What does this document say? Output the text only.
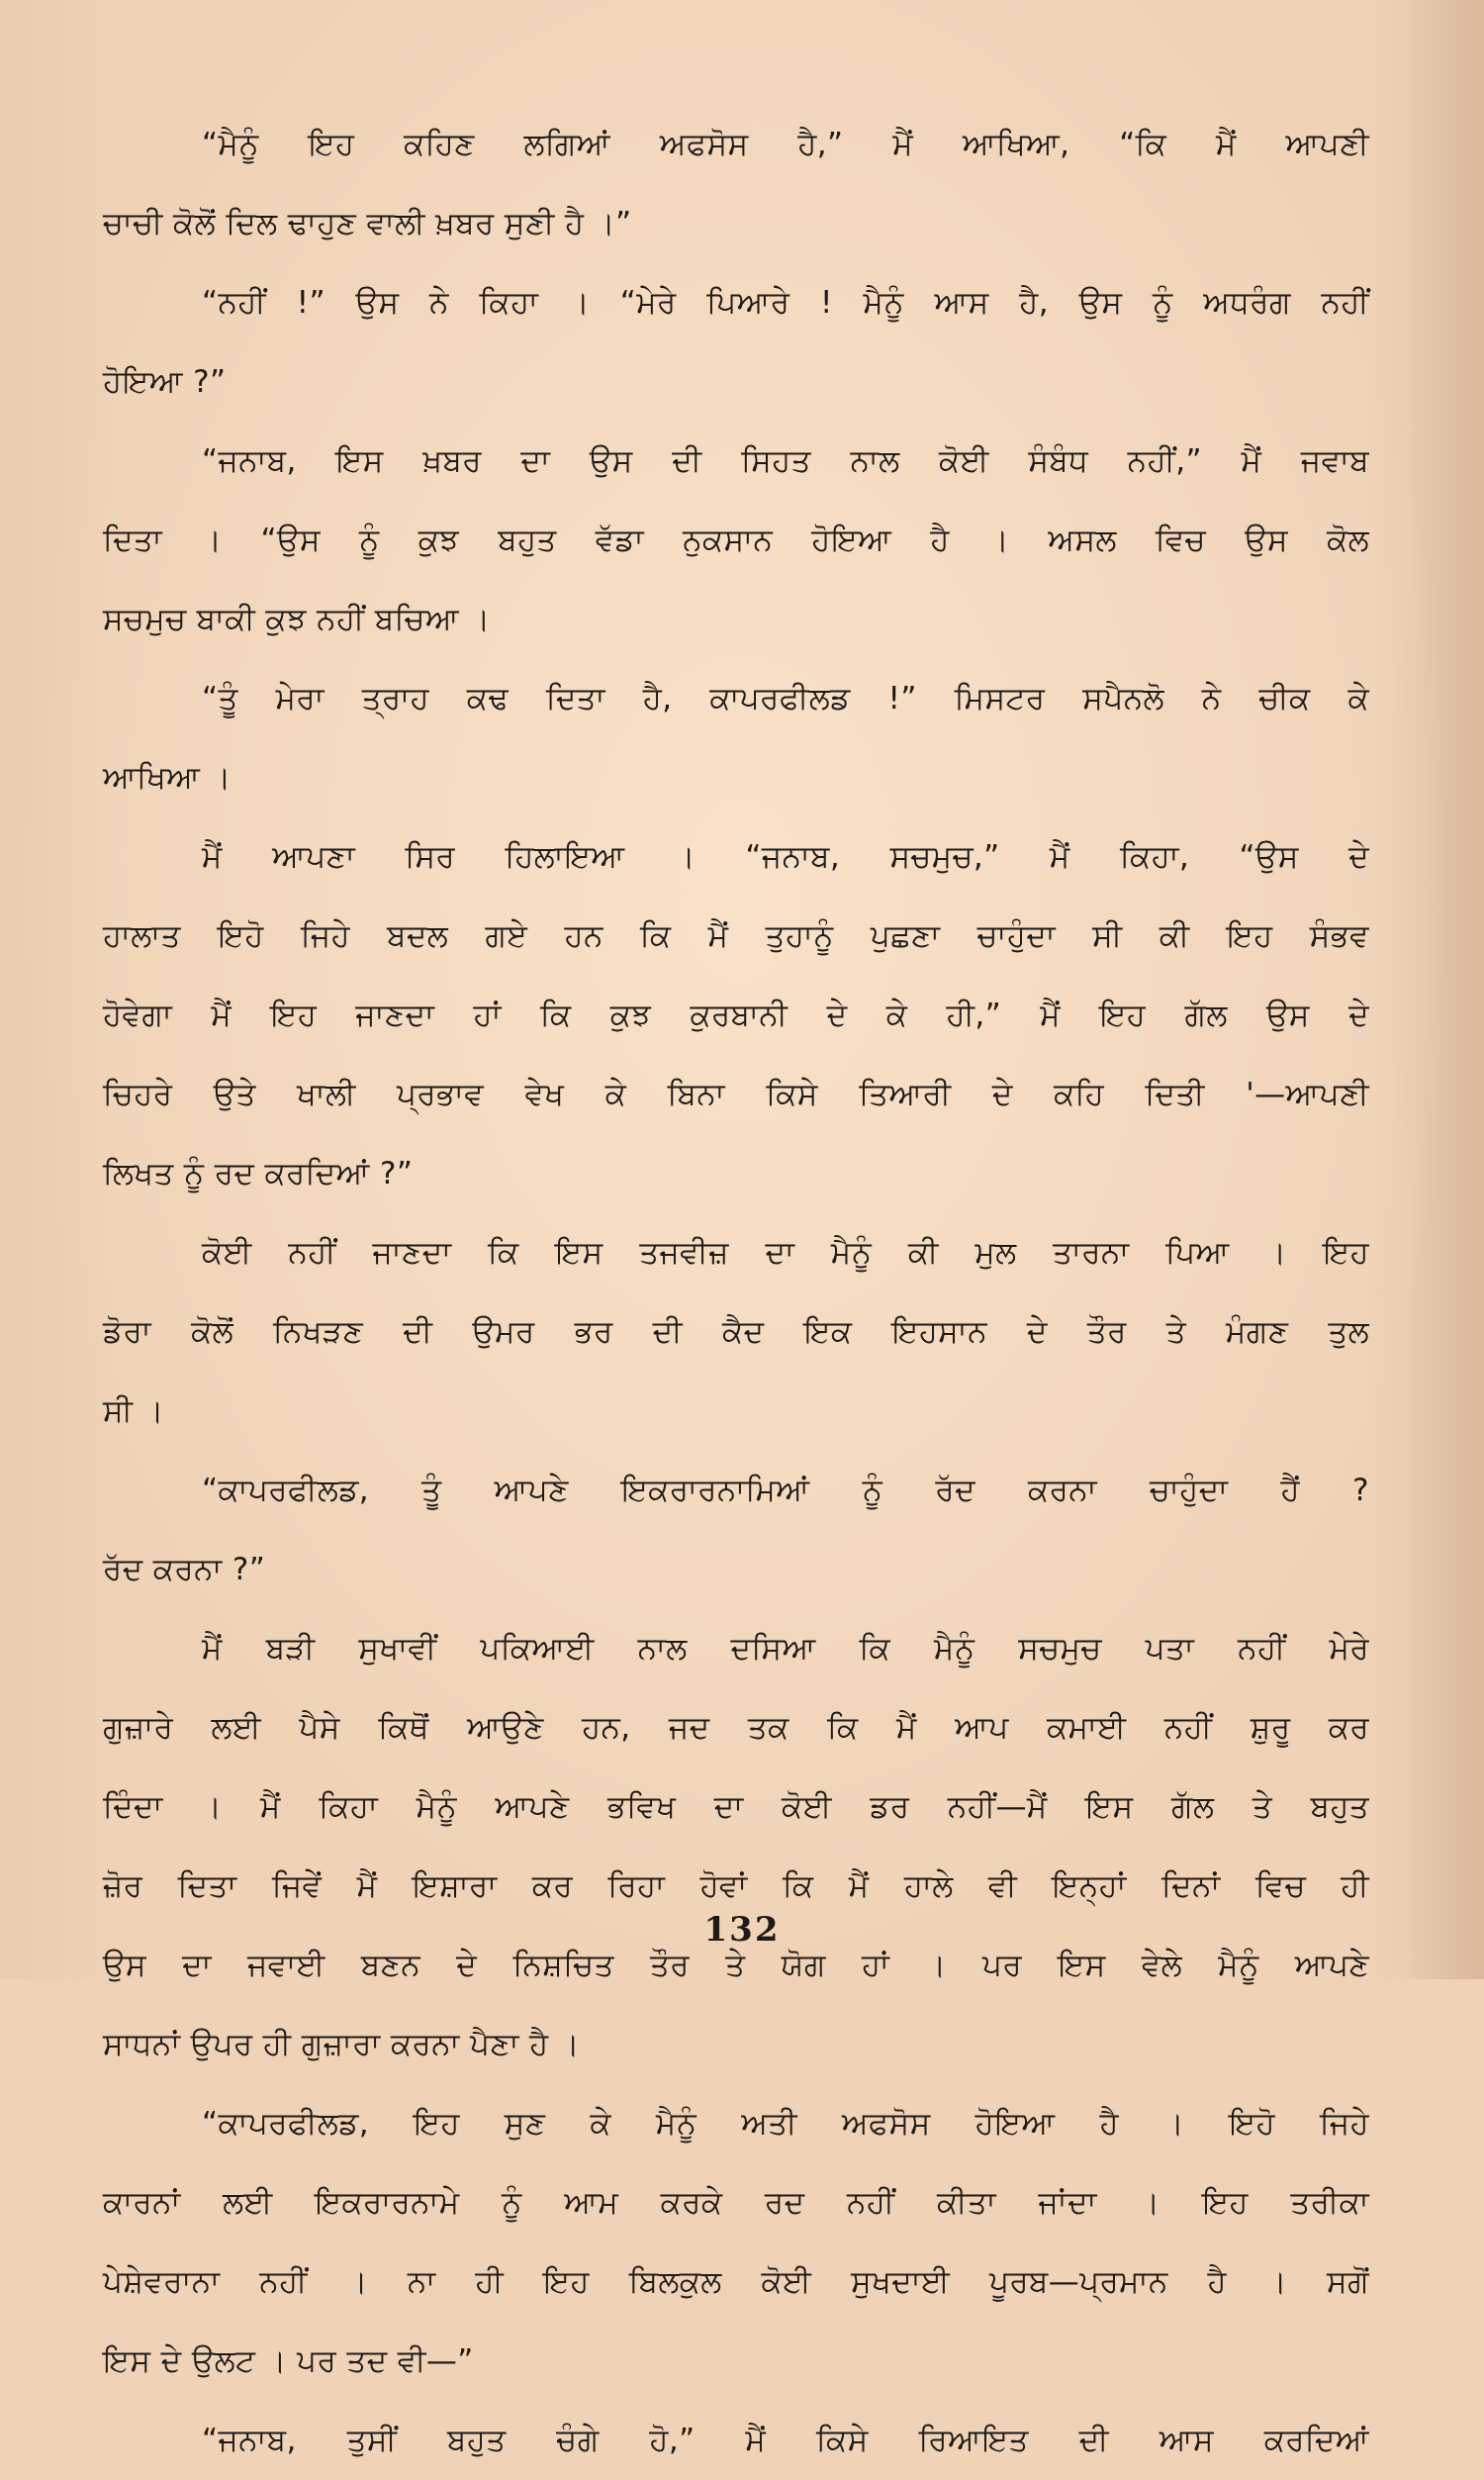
“ਮੈਨੂੰ ਇਹ ਕਹਿਣ ਲਗਿਆਂ ਅਫਸੋਸ ਹੈ,” ਮੈਂ ਆਖਿਆ, “ਕਿ ਮੈਂ ਆਪਣੀ
ਚਾਚੀ ਕੋਲੋਂ ਦਿਲ ਢਾਹੁਣ ਵਾਲੀ ਖ਼ਬਰ ਸੁਣੀ ਹੈ ।”
“ਨਹੀਂ !” ਉਸ ਨੇ ਕਿਹਾ । “ਮੇਰੇ ਪਿਆਰੇ ! ਮੈਨੂੰ ਆਸ ਹੈ, ਉਸ ਨੂੰ ਅਧਰੰਗ ਨਹੀਂ
ਹੋਇਆ ?”
“ਜਨਾਬ, ਇਸ ਖ਼ਬਰ ਦਾ ਉਸ ਦੀ ਸਿਹਤ ਨਾਲ ਕੋਈ ਸੰਬੰਧ ਨਹੀਂ,” ਮੈਂ ਜਵਾਬ
ਦਿਤਾ । “ਉਸ ਨੂੰ ਕੁਝ ਬਹੁਤ ਵੱਡਾ ਨੁਕਸਾਨ ਹੋਇਆ ਹੈ । ਅਸਲ ਵਿਚ ਉਸ ਕੋਲ
ਸਚਮੁਚ ਬਾਕੀ ਕੁਝ ਨਹੀਂ ਬਚਿਆ ।
“ਤੂੰ ਮੇਰਾ ਤ੍ਰਾਹ ਕਢ ਦਿਤਾ ਹੈ, ਕਾਪਰਫੀਲਡ !” ਮਿਸਟਰ ਸਪੈਨਲੋ ਨੇ ਚੀਕ ਕੇ
ਆਖਿਆ ।
ਮੈਂ ਆਪਣਾ ਸਿਰ ਹਿਲਾਇਆ । “ਜਨਾਬ, ਸਚਮੁਚ,” ਮੈਂ ਕਿਹਾ, “ਉਸ ਦੇ
ਹਾਲਾਤ ਇਹੋ ਜਿਹੇ ਬਦਲ ਗਏ ਹਨ ਕਿ ਮੈਂ ਤੁਹਾਨੂੰ ਪੁਛਣਾ ਚਾਹੁੰਦਾ ਸੀ ਕੀ ਇਹ ਸੰਭਵ
ਹੋਵੇਗਾ ਮੈਂ ਇਹ ਜਾਣਦਾ ਹਾਂ ਕਿ ਕੁਝ ਕੁਰਬਾਨੀ ਦੇ ਕੇ ਹੀ,” ਮੈਂ ਇਹ ਗੱਲ ਉਸ ਦੇ
ਚਿਹਰੇ ਉਤੇ ਖਾਲੀ ਪ੍ਰਭਾਵ ਵੇਖ ਕੇ ਬਿਨਾ ਕਿਸੇ ਤਿਆਰੀ ਦੇ ਕਹਿ ਦਿਤੀ '—ਆਪਣੀ
ਲਿਖਤ ਨੂੰ ਰਦ ਕਰਦਿਆਂ ?”
ਕੋਈ ਨਹੀਂ ਜਾਣਦਾ ਕਿ ਇਸ ਤਜਵੀਜ਼ ਦਾ ਮੈਨੂੰ ਕੀ ਮੁਲ ਤਾਰਨਾ ਪਿਆ । ਇਹ
ਡੋਰਾ ਕੋਲੋਂ ਨਿਖੜਣ ਦੀ ਉਮਰ ਭਰ ਦੀ ਕੈਦ ਇਕ ਇਹਸਾਨ ਦੇ ਤੌਰ ਤੇ ਮੰਗਣ ਤੁਲ
ਸੀ ।
“ਕਾਪਰਫੀਲਡ, ਤੂੰ ਆਪਣੇ ਇਕਰਾਰਨਾਮਿਆਂ ਨੂੰ ਰੱਦ ਕਰਨਾ ਚਾਹੁੰਦਾ ਹੈਂ ?
ਰੱਦ ਕਰਨਾ ?”
ਮੈਂ ਬੜੀ ਸੁਖਾਵੀਂ ਪਕਿਆਈ ਨਾਲ ਦਸਿਆ ਕਿ ਮੈਨੂੰ ਸਚਮੁਚ ਪਤਾ ਨਹੀਂ ਮੇਰੇ
ਗੁਜ਼ਾਰੇ ਲਈ ਪੈਸੇ ਕਿਥੋਂ ਆਉਣੇ ਹਨ, ਜਦ ਤਕ ਕਿ ਮੈਂ ਆਪ ਕਮਾਈ ਨਹੀਂ ਸ਼ੁਰੂ ਕਰ
ਦਿੰਦਾ । ਮੈਂ ਕਿਹਾ ਮੈਨੂੰ ਆਪਣੇ ਭਵਿਖ ਦਾ ਕੋਈ ਡਰ ਨਹੀਂ—ਮੈਂ ਇਸ ਗੱਲ ਤੇ ਬਹੁਤ
ਜ਼ੋਰ ਦਿਤਾ ਜਿਵੇਂ ਮੈਂ ਇਸ਼ਾਰਾ ਕਰ ਰਿਹਾ ਹੋਵਾਂ ਕਿ ਮੈਂ ਹਾਲੇ ਵੀ ਇਨ੍ਹਾਂ ਦਿਨਾਂ ਵਿਚ ਹੀ
ਉਸ ਦਾ ਜਵਾਈ ਬਣਨ ਦੇ ਨਿਸ਼ਚਿਤ ਤੌਰ ਤੇ ਯੋਗ ਹਾਂ । ਪਰ ਇਸ ਵੇਲੇ ਮੈਨੂੰ ਆਪਣੇ
ਸਾਧਨਾਂ ਉਪਰ ਹੀ ਗੁਜ਼ਾਰਾ ਕਰਨਾ ਪੈਣਾ ਹੈ ।
“ਕਾਪਰਫੀਲਡ, ਇਹ ਸੁਣ ਕੇ ਮੈਨੂੰ ਅਤੀ ਅਫਸੋਸ ਹੋਇਆ ਹੈ । ਇਹੋ ਜਿਹੇ
ਕਾਰਨਾਂ ਲਈ ਇਕਰਾਰਨਾਮੇ ਨੂੰ ਆਮ ਕਰਕੇ ਰਦ ਨਹੀਂ ਕੀਤਾ ਜਾਂਦਾ । ਇਹ ਤਰੀਕਾ
ਪੇਸ਼ੇਵਰਾਨਾ ਨਹੀਂ । ਨਾ ਹੀ ਇਹ ਬਿਲਕੁਲ ਕੋਈ ਸੁਖਦਾਈ ਪੂਰਬ—ਪ੍ਰਮਾਨ ਹੈ । ਸਗੋਂ
ਇਸ ਦੇ ਉਲਟ । ਪਰ ਤਦ ਵੀ—”
“ਜਨਾਬ, ਤੁਸੀਂ ਬਹੁਤ ਚੰਗੇ ਹੋ,” ਮੈਂ ਕਿਸੇ ਰਿਆਇਤ ਦੀ ਆਸ ਕਰਦਿਆਂ
132
